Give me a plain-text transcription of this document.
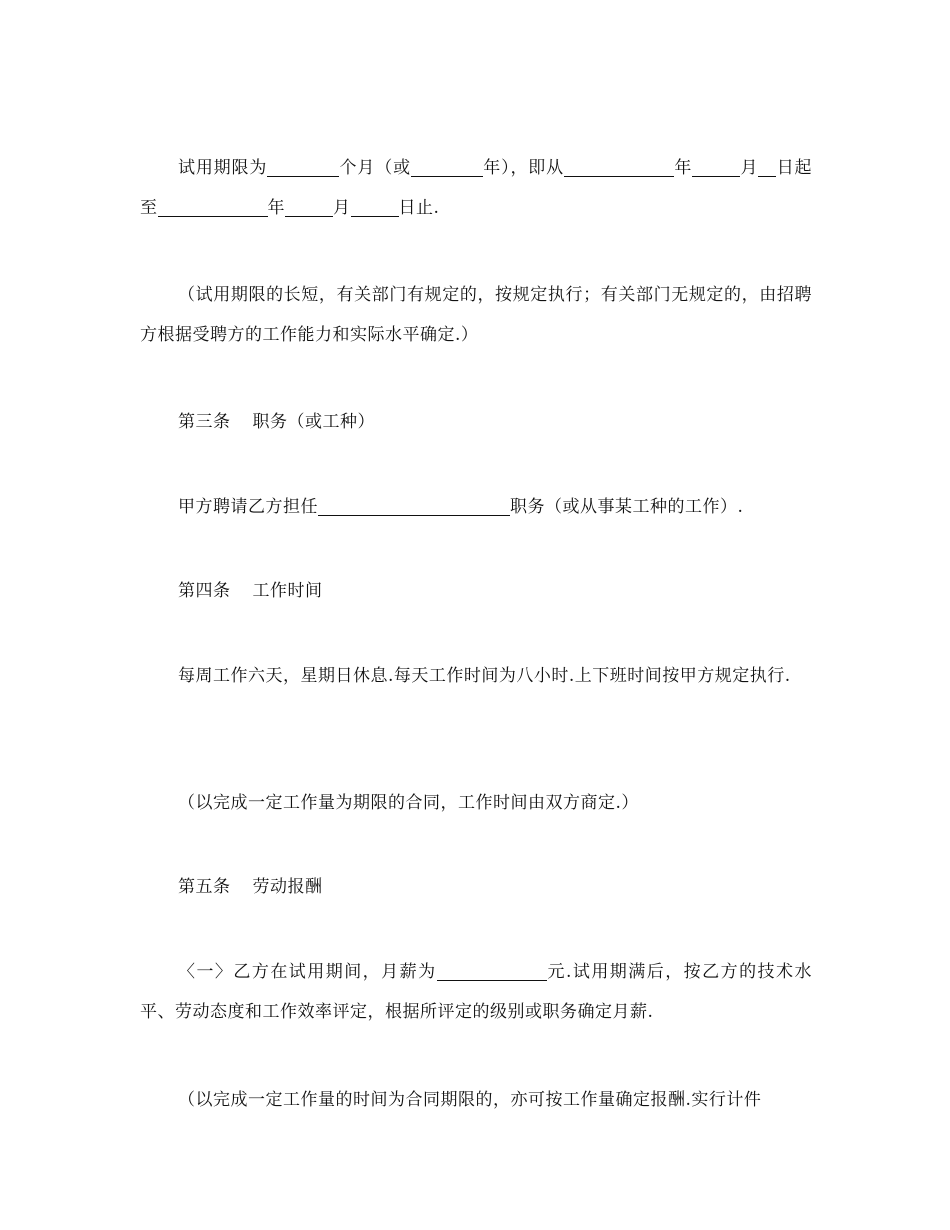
试用期限为	个月（或	年），即从	年	月 日起至	年	月	日止.

（试用期限的长短，有关部门有规定的，按规定执行；有关部门无规定的，由招聘方根据受聘方的工作能力和实际水平确定.）

第三条 职务（或工种）

甲方聘请乙方担任	职务（或从事某工种的工作）.

第四条 工作时间

每周工作六天，星期日休息.每天工作时间为八小时.上下班时间按甲方规定执行.

（以完成一定工作量为期限的合同，工作时间由双方商定.）

第五条 劳动报酬

〈一〉乙方在试用期间，月薪为	元.试用期满后，按乙方的技术水平、劳动态度和工作效率评定，根据所评定的级别或职务确定月薪.

（以完成一定工作量的时间为合同期限的，亦可按工作量确定报酬.实行计件
